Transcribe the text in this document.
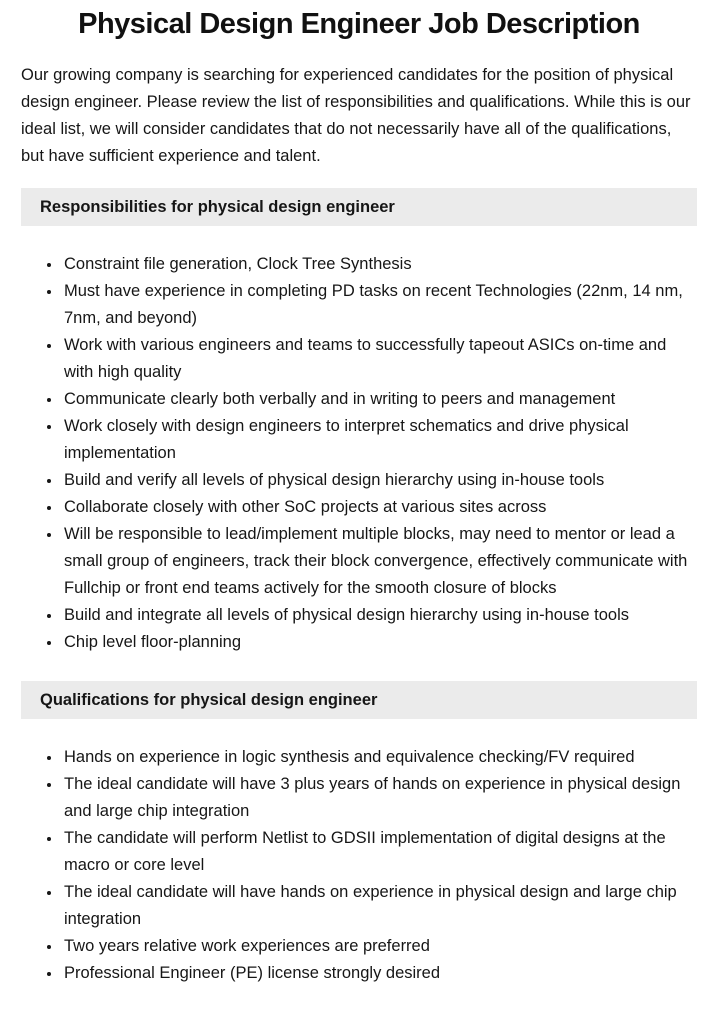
Physical Design Engineer Job Description

Our growing company is searching for experienced candidates for the position of physical design engineer. Please review the list of responsibilities and qualifications. While this is our ideal list, we will consider candidates that do not necessarily have all of the qualifications, but have sufficient experience and talent.

Responsibilities for physical design engineer
• Constraint file generation, Clock Tree Synthesis
• Must have experience in completing PD tasks on recent Technologies (22nm, 14 nm, 7nm, and beyond)
• Work with various engineers and teams to successfully tapeout ASICs on-time and with high quality
• Communicate clearly both verbally and in writing to peers and management
• Work closely with design engineers to interpret schematics and drive physical implementation
• Build and verify all levels of physical design hierarchy using in-house tools
• Collaborate closely with other SoC projects at various sites across
• Will be responsible to lead/implement multiple blocks, may need to mentor or lead a small group of engineers, track their block convergence, effectively communicate with Fullchip or front end teams actively for the smooth closure of blocks
• Build and integrate all levels of physical design hierarchy using in-house tools
• Chip level floor-planning
Qualifications for physical design engineer
• Hands on experience in logic synthesis and equivalence checking/FV required
• The ideal candidate will have 3 plus years of hands on experience in physical design and large chip integration
• The candidate will perform Netlist to GDSII implementation of digital designs at the macro or core level
• The ideal candidate will have hands on experience in physical design and large chip integration
• Two years relative work experiences are preferred
• Professional Engineer (PE) license strongly desired
